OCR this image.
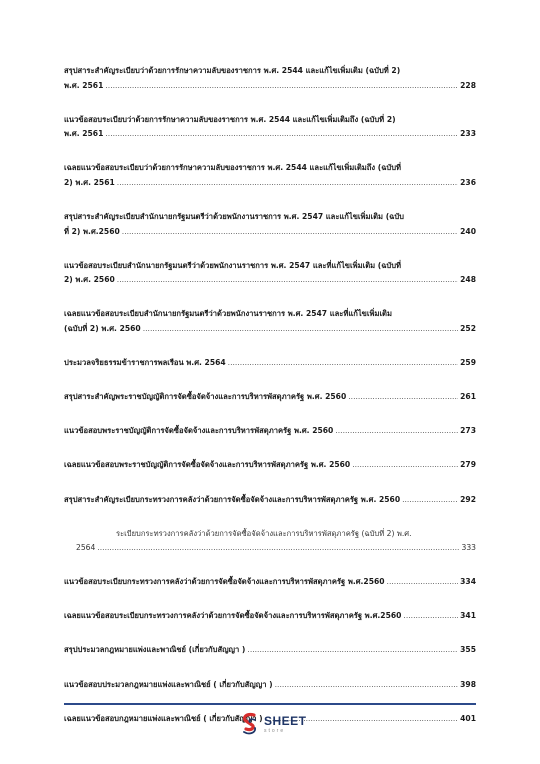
สรุปสาระสำคัญระเบียบว่าด้วยการรักษาความลับของราชการ พ.ศ. 2544 และแก้ไขเพิ่มเติม (ฉบับที่ 2)
พ.ศ. 2561 .....	228
แนวข้อสอบระเบียบว่าด้วยการรักษาความลับของราชการ พ.ศ. 2544 และแก้ไขเพิ่มเติมถึง (ฉบับที่ 2)
พ.ศ. 2561 .....	233
เฉลยแนวข้อสอบระเบียบว่าด้วยการรักษาความลับของราชการ พ.ศ. 2544 และแก้ไขเพิ่มเติมถึง (ฉบับที่
2) พ.ศ. 2561 .....	236
สรุปสาระสำคัญระเบียบสำนักนายกรัฐมนตรีว่าด้วยพนักงานราชการ พ.ศ. 2547 และแก้ไขเพิ่มเติม (ฉบับ
ที่ 2) พ.ศ.2560 .....	240
แนวข้อสอบระเบียบสำนักนายกรัฐมนตรีว่าด้วยพนักงานราชการ พ.ศ. 2547 และที่แก้ไขเพิ่มเติม (ฉบับที่
2) พ.ศ. 2560 .....	248
เฉลยแนวข้อสอบระเบียบสำนักนายกรัฐมนตรีว่าด้วยพนักงานราชการ พ.ศ. 2547 และที่แก้ไขเพิ่มเติม
(ฉบับที่ 2) พ.ศ. 2560 .....	252
ประมวลจริยธรรมข้าราชการพลเรือน พ.ศ. 2564 .....	259
สรุปสาระสำคัญพระราชบัญญัติการจัดซื้อจัดจ้างและการบริหารพัสดุภาครัฐ พ.ศ. 2560 .....	261
แนวข้อสอบพระราชบัญญัติการจัดซื้อจัดจ้างและการบริหารพัสดุภาครัฐ พ.ศ. 2560 .....	273
เฉลยแนวข้อสอบพระราชบัญญัติการจัดซื้อจัดจ้างและการบริหารพัสดุภาครัฐ พ.ศ. 2560 .....	279
สรุปสาระสำคัญระเบียบกระทรวงการคลังว่าด้วยการจัดซื้อจัดจ้างและการบริหารพัสดุภาครัฐ พ.ศ. 2560 .....	292
ระเบียบกระทรวงการคลังว่าด้วยการจัดซื้อจัดจ้างและการบริหารพัสดุภาครัฐ (ฉบับที่ 2) พ.ศ.
2564 .....	333
แนวข้อสอบระเบียบกระทรวงการคลังว่าด้วยการจัดซื้อจัดจ้างและการบริหารพัสดุภาครัฐ พ.ศ.2560 .....	334
เฉลยแนวข้อสอบระเบียบกระทรวงการคลังว่าด้วยการจัดซื้อจัดจ้างและการบริหารพัสดุภาครัฐ พ.ศ.2560 .....	341
สรุปประมวลกฎหมายแพ่งและพาณิชย์ (เกี่ยวกับสัญญา ) .....	355
แนวข้อสอบประมวลกฎหมายแพ่งและพาณิชย์ ( เกี่ยวกับสัญญา ) .....	398
เฉลยแนวข้อสอบกฎหมายแพ่งและพาณิชย์ ( เกี่ยวกับสัญญา ) .....	401
SHEET
store
